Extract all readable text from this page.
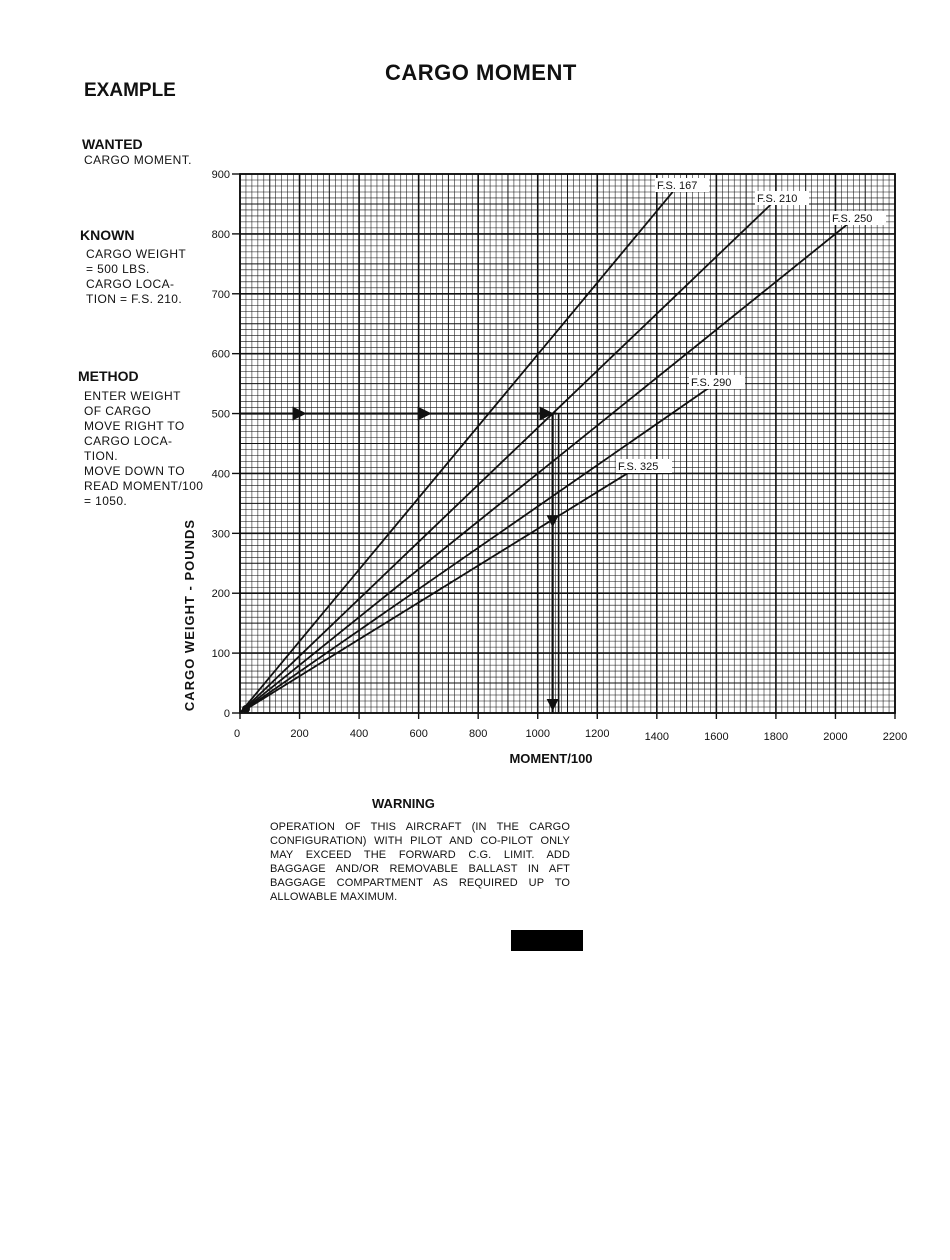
CARGO MOMENT
EXAMPLE
WANTED
CARGO MOMENT.
KNOWN
CARGO WEIGHT
= 500 LBS.
CARGO LOCA-
TION = F.S. 210.
METHOD
ENTER WEIGHT
OF CARGO
MOVE RIGHT TO
CARGO LOCA-
TION.
MOVE DOWN TO
READ MOMENT/100
= 1050.
0
100
200
300
400
500
600
700
800
900
0	200	400	600	800	1000	1200	1400	1600	1800	2000	2200
MOMENT/100
CARGO WEIGHT - POUNDS
F.S. 167
F.S. 210
F.S. 250
F.S. 290
F.S. 325
WARNING
OPERATION OF THIS AIRCRAFT (IN THE CARGO CONFIGURATION) WITH PILOT AND CO-PILOT ONLY MAY EXCEED THE FORWARD C.G. LIMIT. ADD BAGGAGE AND/OR REMOVABLE BALLAST IN AFT BAGGAGE COMPARTMENT AS REQUIRED UP TO ALLOWABLE MAXIMUM.
